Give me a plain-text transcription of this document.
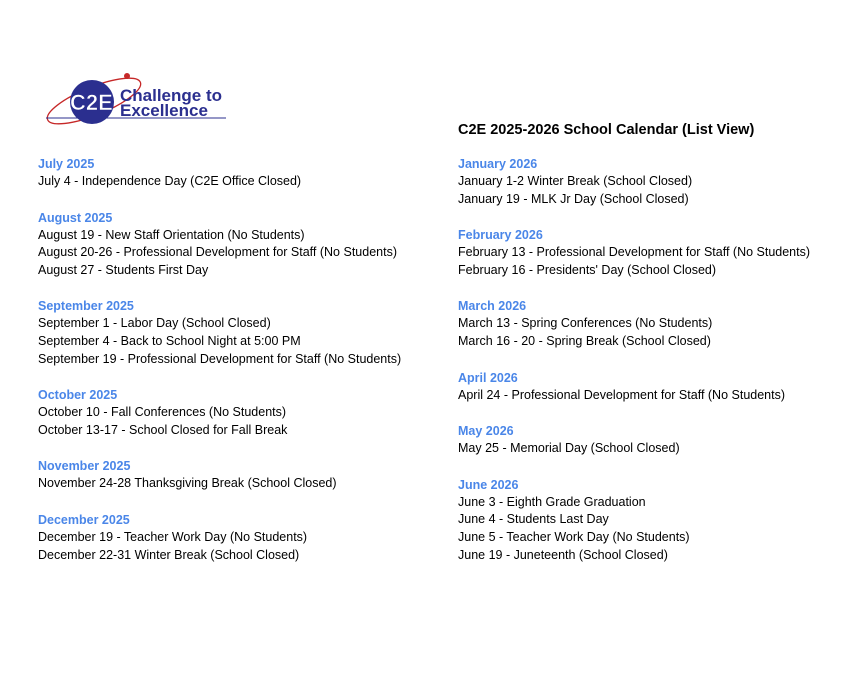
C2E Challenge to
Excellence
C2E 2025-2026 School Calendar (List View)
July 2025
July 4 - Independence Day (C2E Office Closed)
August 2025
August 19 - New Staff Orientation (No Students)
August 20-26 - Professional Development for Staff (No Students)
August 27 - Students First Day
September 2025
September 1 - Labor Day (School Closed)
September 4 - Back to School Night at 5:00 PM
September 19 - Professional Development for Staff (No Students)
October 2025
October 10 - Fall Conferences (No Students)
October 13-17 - School Closed for Fall Break
November 2025
November 24-28 Thanksgiving Break (School Closed)
December 2025
December 19 - Teacher Work Day (No Students)
December 22-31 Winter Break (School Closed)
January 2026
January 1-2 Winter Break (School Closed)
January 19 - MLK Jr Day (School Closed)
February 2026
February 13 - Professional Development for Staff (No Students)
February 16 - Presidents' Day (School Closed)
March 2026
March 13 - Spring Conferences (No Students)
March 16 - 20 - Spring Break (School Closed)
April 2026
April 24 - Professional Development for Staff (No Students)
May 2026
May 25 - Memorial Day (School Closed)
June 2026
June 3 - Eighth Grade Graduation
June 4 - Students Last Day
June 5 - Teacher Work Day (No Students)
June 19 - Juneteenth (School Closed)
